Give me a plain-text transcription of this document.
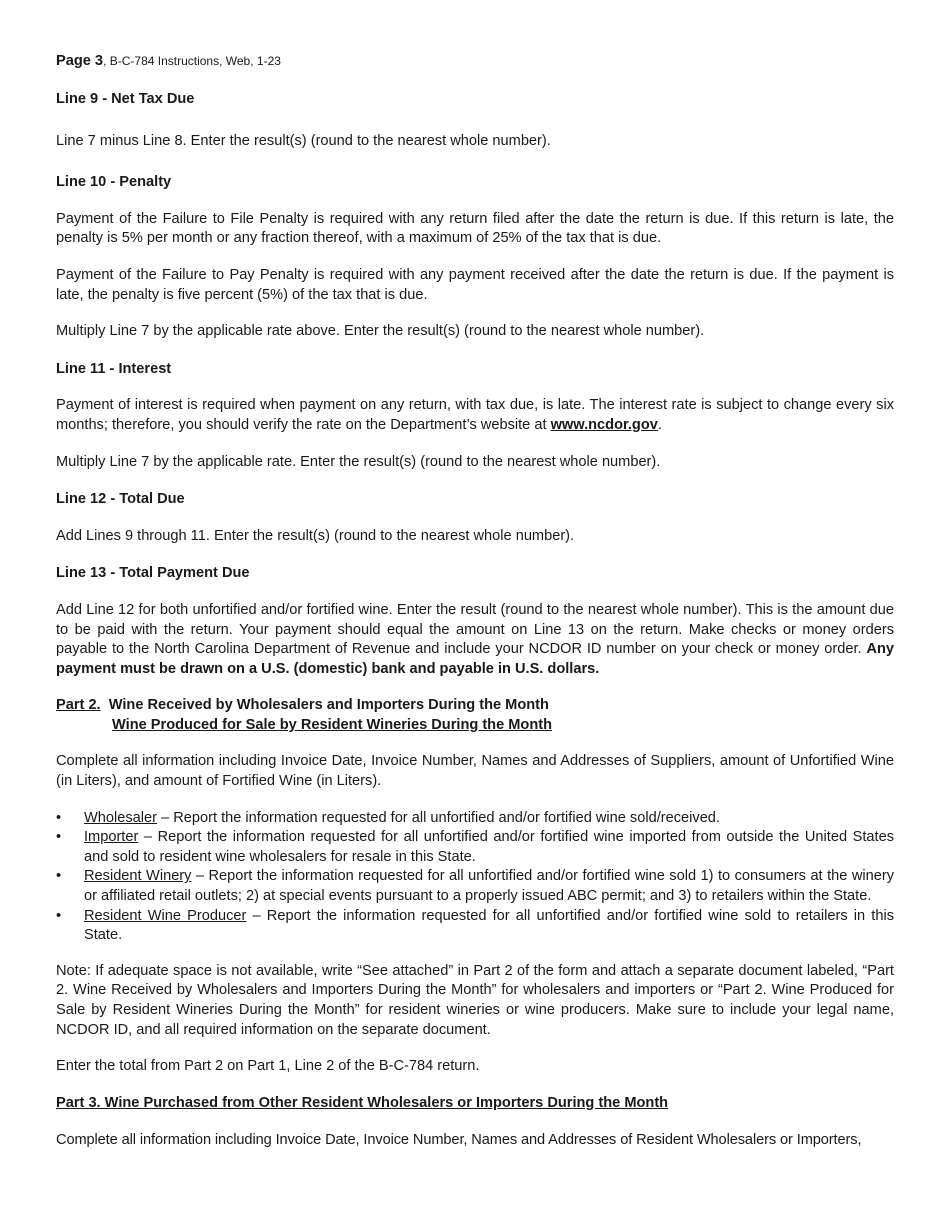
Page 3, B-C-784 Instructions, Web, 1-23
Line 9 - Net Tax Due

Line 7 minus Line 8. Enter the result(s) (round to the nearest whole number).

Line 10 - Penalty

Payment of the Failure to File Penalty is required with any return filed after the date the return is due. If this return is late, the penalty is 5% per month or any fraction thereof, with a maximum of 25% of the tax that is due.

Payment of the Failure to Pay Penalty is required with any payment received after the date the return is due. If the payment is late, the penalty is five percent (5%) of the tax that is due.

Multiply Line 7 by the applicable rate above. Enter the result(s) (round to the nearest whole number).

Line 11 - Interest

Payment of interest is required when payment on any return, with tax due, is late. The interest rate is subject to change every six months; therefore, you should verify the rate on the Department’s website at www.ncdor.gov.

Multiply Line 7 by the applicable rate. Enter the result(s) (round to the nearest whole number).

Line 12 - Total Due

Add Lines 9 through 11. Enter the result(s) (round to the nearest whole number).

Line 13 - Total Payment Due

Add Line 12 for both unfortified and/or fortified wine. Enter the result (round to the nearest whole number). This is the amount due to be paid with the return. Your payment should equal the amount on Line 13 on the return. Make checks or money orders payable to the North Carolina Department of Revenue and include your NCDOR ID number on your check or money order. Any payment must be drawn on a U.S. (domestic) bank and payable in U.S. dollars.

Part 2.  Wine Received by Wholesalers and Importers During the Month
Wine Produced for Sale by Resident Wineries During the Month

Complete all information including Invoice Date, Invoice Number, Names and Addresses of Suppliers, amount of Unfortified Wine (in Liters), and amount of Fortified Wine (in Liters).

• Wholesaler – Report the information requested for all unfortified and/or fortified wine sold/received.
• Importer – Report the information requested for all unfortified and/or fortified wine imported from outside the United States and sold to resident wine wholesalers for resale in this State.
• Resident Winery – Report the information requested for all unfortified and/or fortified wine sold 1) to consumers at the winery or affiliated retail outlets; 2) at special events pursuant to a properly issued ABC permit; and 3) to retailers within the State.
• Resident Wine Producer – Report the information requested for all unfortified and/or fortified wine sold to retailers in this State.

Note: If adequate space is not available, write “See attached” in Part 2 of the form and attach a separate document labeled, “Part 2. Wine Received by Wholesalers and Importers During the Month” for wholesalers and importers or “Part 2. Wine Produced for Sale by Resident Wineries During the Month” for resident wineries or wine producers. Make sure to include your legal name, NCDOR ID, and all required information on the separate document.

Enter the total from Part 2 on Part 1, Line 2 of the B-C-784 return.

Part 3. Wine Purchased from Other Resident Wholesalers or Importers During the Month

Complete all information including Invoice Date, Invoice Number, Names and Addresses of Resident Wholesalers or Importers,
